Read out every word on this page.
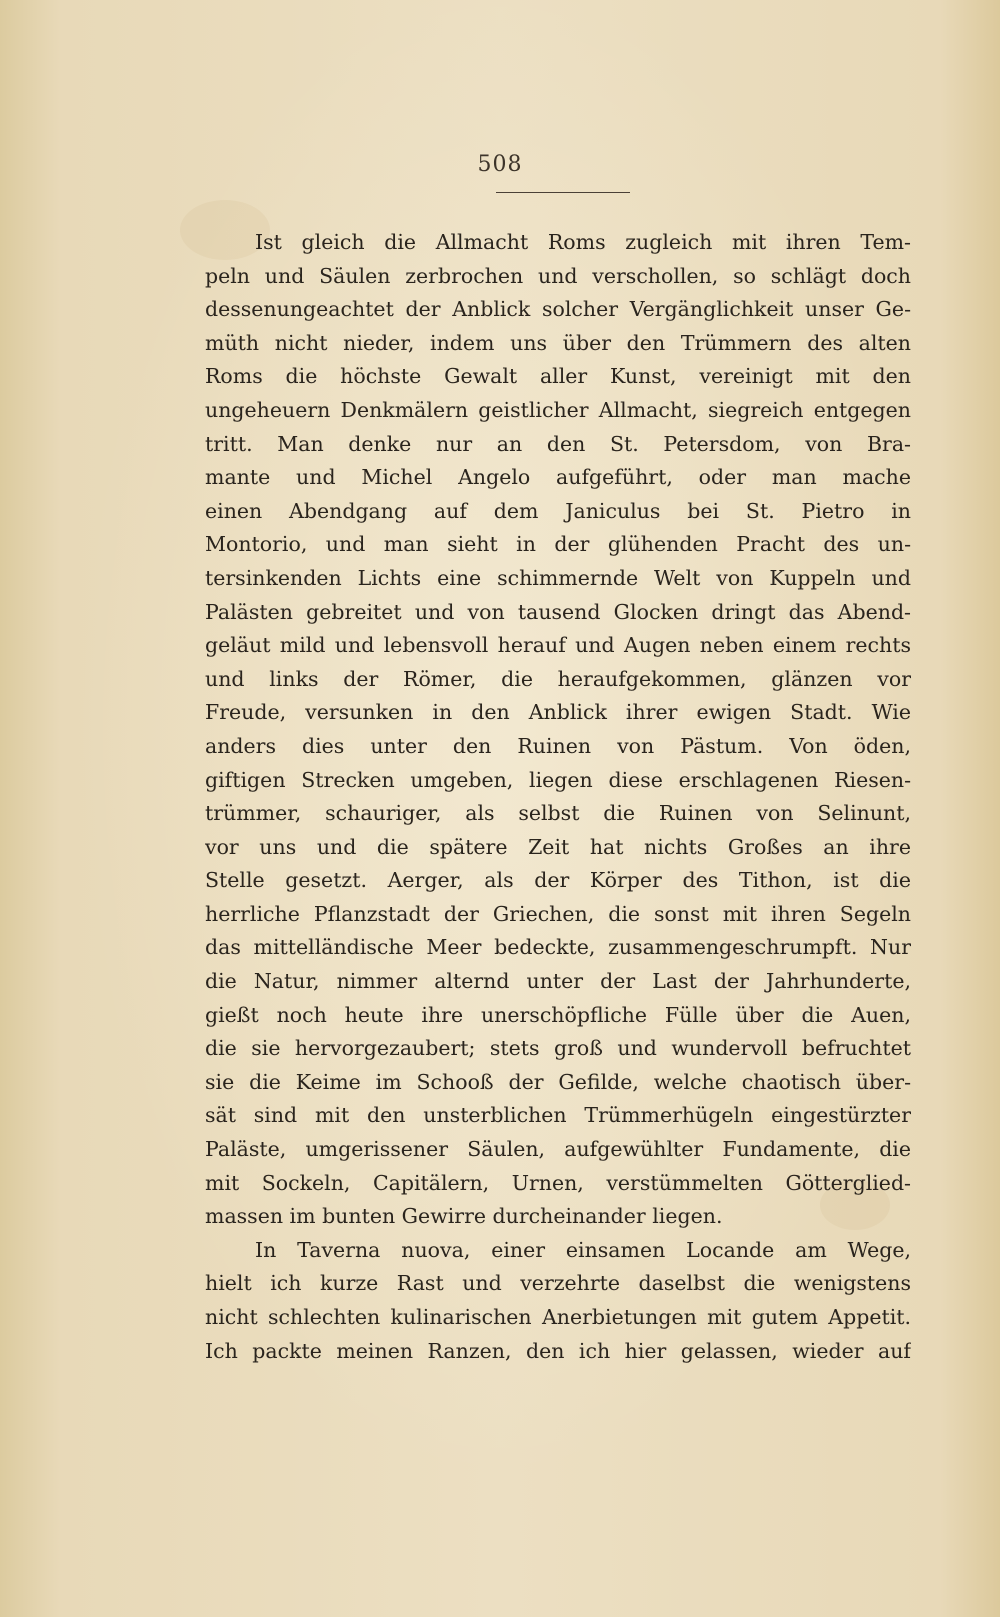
508
Ist gleich die Allmacht Roms zugleich mit ihren Tem-
peln und Säulen zerbrochen und verschollen, so schlägt doch
dessenungeachtet der Anblick solcher Vergänglichkeit unser Ge-
müth nicht nieder, indem uns über den Trümmern des alten
Roms die höchste Gewalt aller Kunst, vereinigt mit den
ungeheuern Denkmälern geistlicher Allmacht, siegreich entgegen
tritt. Man denke nur an den St. Petersdom, von Bra-
mante und Michel Angelo aufgeführt, oder man mache
einen Abendgang auf dem Janiculus bei St. Pietro in
Montorio, und man sieht in der glühenden Pracht des un-
tersinkenden Lichts eine schimmernde Welt von Kuppeln und
Palästen gebreitet und von tausend Glocken dringt das Abend-
geläut mild und lebensvoll herauf und Augen neben einem rechts
und links der Römer, die heraufgekommen, glänzen vor
Freude, versunken in den Anblick ihrer ewigen Stadt. Wie
anders dies unter den Ruinen von Pästum. Von öden,
giftigen Strecken umgeben, liegen diese erschlagenen Riesen-
trümmer, schauriger, als selbst die Ruinen von Selinunt,
vor uns und die spätere Zeit hat nichts Großes an ihre
Stelle gesetzt. Aerger, als der Körper des Tithon, ist die
herrliche Pflanzstadt der Griechen, die sonst mit ihren Segeln
das mittelländische Meer bedeckte, zusammengeschrumpft. Nur
die Natur, nimmer alternd unter der Last der Jahrhunderte,
gießt noch heute ihre unerschöpfliche Fülle über die Auen,
die sie hervorgezaubert; stets groß und wundervoll befruchtet
sie die Keime im Schooß der Gefilde, welche chaotisch über-
sät sind mit den unsterblichen Trümmerhügeln eingestürzter
Paläste, umgerissener Säulen, aufgewühlter Fundamente, die
mit Sockeln, Capitälern, Urnen, verstümmelten Götterglied-
massen im bunten Gewirre durcheinander liegen.
In Taverna nuova, einer einsamen Locande am Wege,
hielt ich kurze Rast und verzehrte daselbst die wenigstens
nicht schlechten kulinarischen Anerbietungen mit gutem Appetit.
Ich packte meinen Ranzen, den ich hier gelassen, wieder auf
